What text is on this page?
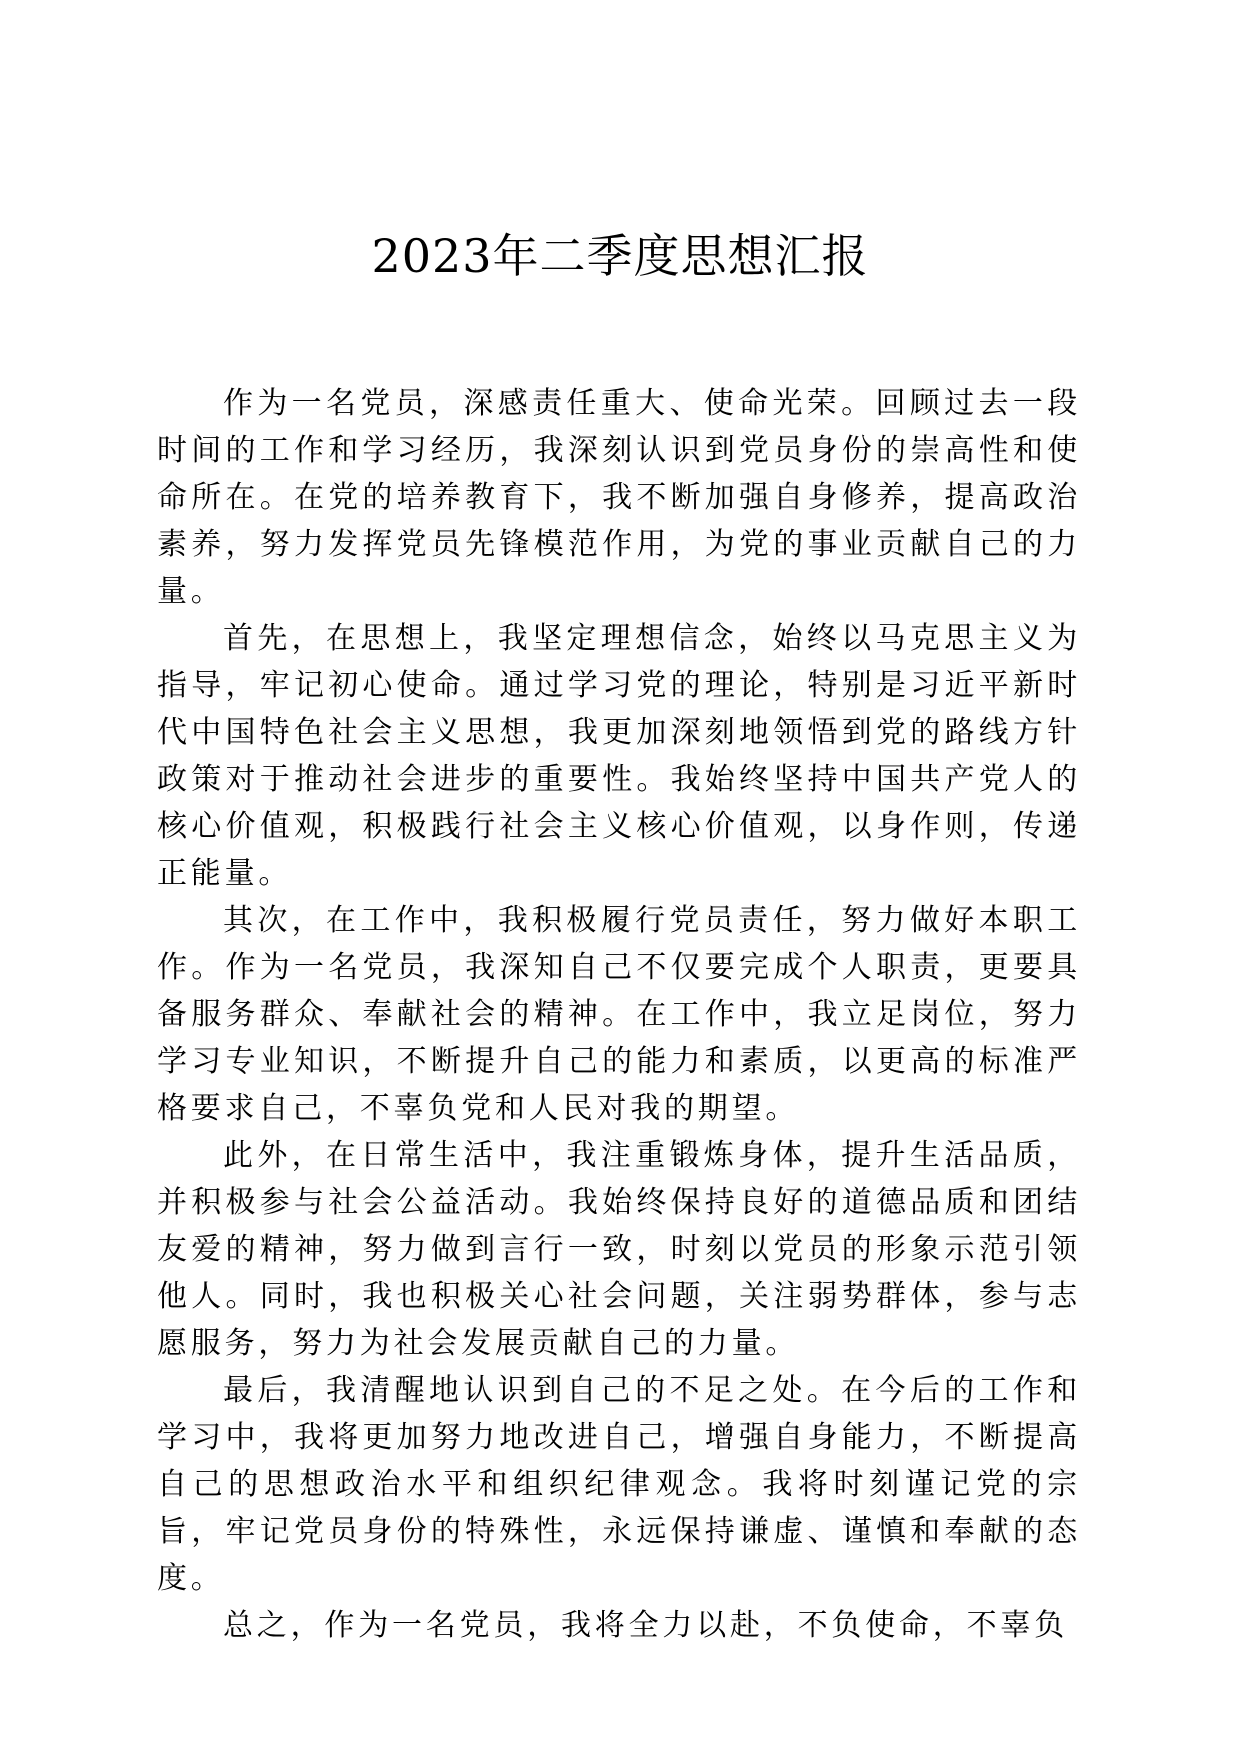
2023年二季度思想汇报

作为一名党员，深感责任重大、使命光荣。回顾过去一段时间的工作和学习经历，我深刻认识到党员身份的崇高性和使命所在。在党的培养教育下，我不断加强自身修养，提高政治素养，努力发挥党员先锋模范作用，为党的事业贡献自己的力量。

首先，在思想上，我坚定理想信念，始终以马克思主义为指导，牢记初心使命。通过学习党的理论，特别是习近平新时代中国特色社会主义思想，我更加深刻地领悟到党的路线方针政策对于推动社会进步的重要性。我始终坚持中国共产党人的核心价值观，积极践行社会主义核心价值观，以身作则，传递正能量。

其次，在工作中，我积极履行党员责任，努力做好本职工作。作为一名党员，我深知自己不仅要完成个人职责，更要具备服务群众、奉献社会的精神。在工作中，我立足岗位，努力学习专业知识，不断提升自己的能力和素质，以更高的标准严格要求自己，不辜负党和人民对我的期望。

此外，在日常生活中，我注重锻炼身体，提升生活品质，并积极参与社会公益活动。我始终保持良好的道德品质和团结友爱的精神，努力做到言行一致，时刻以党员的形象示范引领他人。同时，我也积极关心社会问题，关注弱势群体，参与志愿服务，努力为社会发展贡献自己的力量。

最后，我清醒地认识到自己的不足之处。在今后的工作和学习中，我将更加努力地改进自己，增强自身能力，不断提高自己的思想政治水平和组织纪律观念。我将时刻谨记党的宗旨，牢记党员身份的特殊性，永远保持谦虚、谨慎和奉献的态度。

总之，作为一名党员，我将全力以赴，不负使命，不辜负
